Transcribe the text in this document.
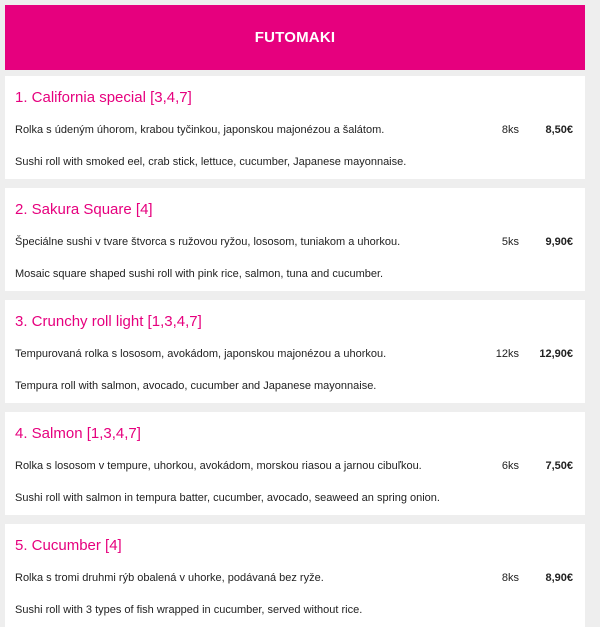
FUTOMAKI
1. California special [3,4,7]
Rolka s údeným úhorom, krabou tyčinkou, japonskou majonézou a šalátom.
Sushi roll with smoked eel, crab stick, lettuce, cucumber, Japanese mayonnaise.
8ks 8,50€
2. Sakura Square [4]
Špeciálne sushi v tvare štvorca s ružovou ryžou, lososom, tuniakom a uhorkou.
Mosaic square shaped sushi roll with pink rice, salmon, tuna and cucumber.
5ks 9,90€
3. Crunchy roll light [1,3,4,7]
Tempurovaná rolka s lososom, avokádom, japonskou majonézou a uhorkou.
Tempura roll with salmon, avocado, cucumber and Japanese mayonnaise.
12ks 12,90€
4. Salmon [1,3,4,7]
Rolka s lososom v tempure, uhorkou, avokádom, morskou riasou a jarnou cibuľkou.
Sushi roll with salmon in tempura batter, cucumber, avocado, seaweed an spring onion.
6ks 7,50€
5. Cucumber [4]
Rolka s tromi druhmi rýb obalená v uhorke, podávaná bez ryže.
Sushi roll with 3 types of fish wrapped in cucumber, served without rice.
8ks 8,90€
